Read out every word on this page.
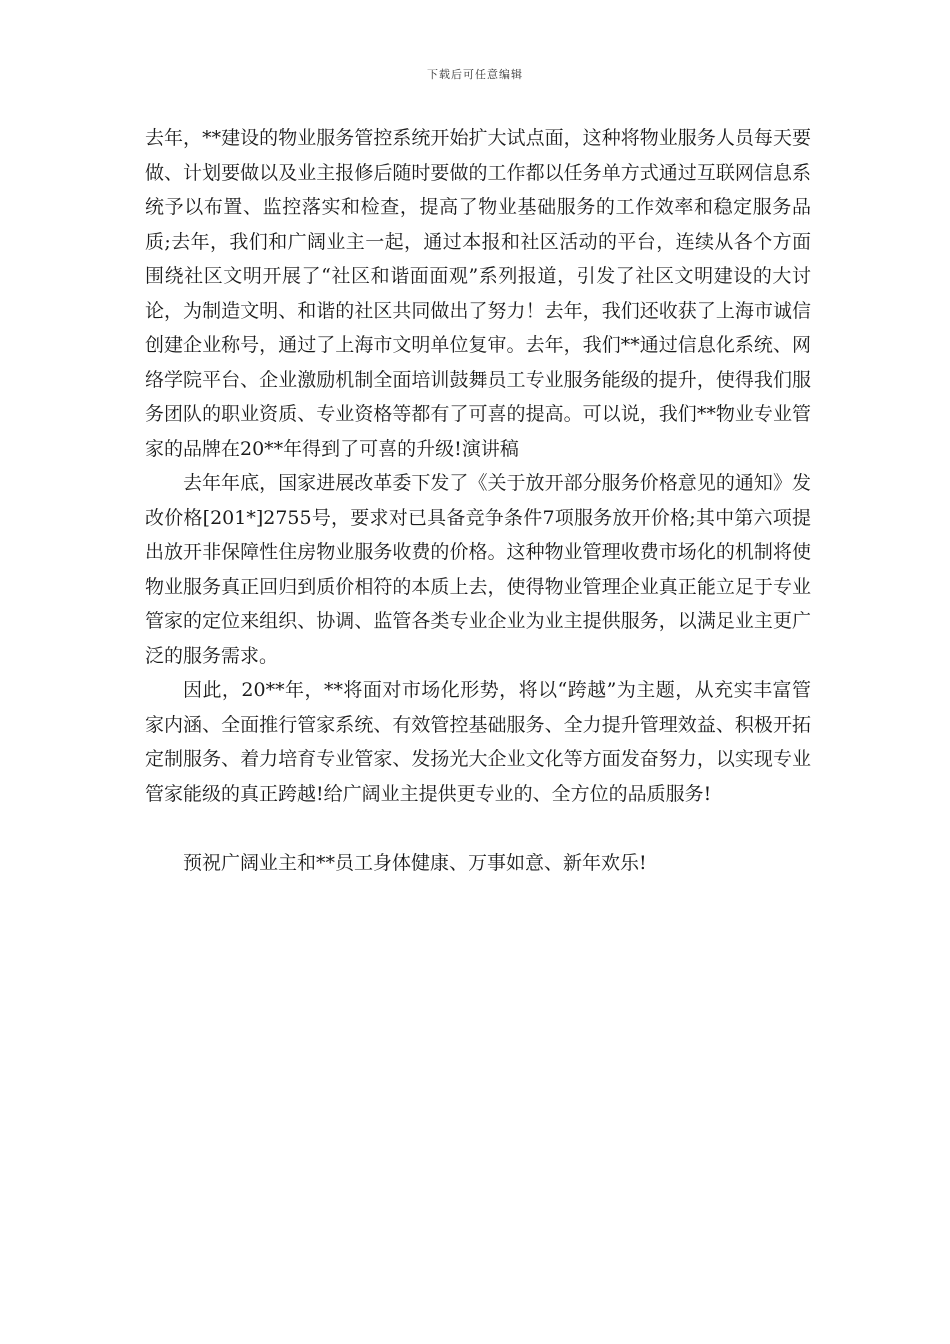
下载后可任意编辑

去年，**建设的物业服务管控系统开始扩大试点面，这种将物业服务人员每天要做、计划要做以及业主报修后随时要做的工作都以任务单方式通过互联网信息系统予以布置、监控落实和检查，提高了物业基础服务的工作效率和稳定服务品质;去年，我们和广阔业主一起，通过本报和社区活动的平台，连续从各个方面围绕社区文明开展了“社区和谐面面观”系列报道，引发了社区文明建设的大讨论，为制造文明、和谐的社区共同做出了努力！去年，我们还收获了上海市诚信创建企业称号，通过了上海市文明单位复审。去年，我们**通过信息化系统、网络学院平台、企业激励机制全面培训鼓舞员工专业服务能级的提升，使得我们服务团队的职业资质、专业资格等都有了可喜的提高。可以说，我们**物业专业管家的品牌在20**年得到了可喜的升级!演讲稿

去年年底，国家进展改革委下发了《关于放开部分服务价格意见的通知》发改价格[201*]2755号，要求对已具备竞争条件7项服务放开价格;其中第六项提出放开非保障性住房物业服务收费的价格。这种物业管理收费市场化的机制将使物业服务真正回归到质价相符的本质上去，使得物业管理企业真正能立足于专业管家的定位来组织、协调、监管各类专业企业为业主提供服务，以满足业主更广泛的服务需求。

因此，20**年，**将面对市场化形势，将以“跨越”为主题，从充实丰富管家内涵、全面推行管家系统、有效管控基础服务、全力提升管理效益、积极开拓定制服务、着力培育专业管家、发扬光大企业文化等方面发奋努力，以实现专业管家能级的真正跨越!给广阔业主提供更专业的、全方位的品质服务!

预祝广阔业主和**员工身体健康、万事如意、新年欢乐!
